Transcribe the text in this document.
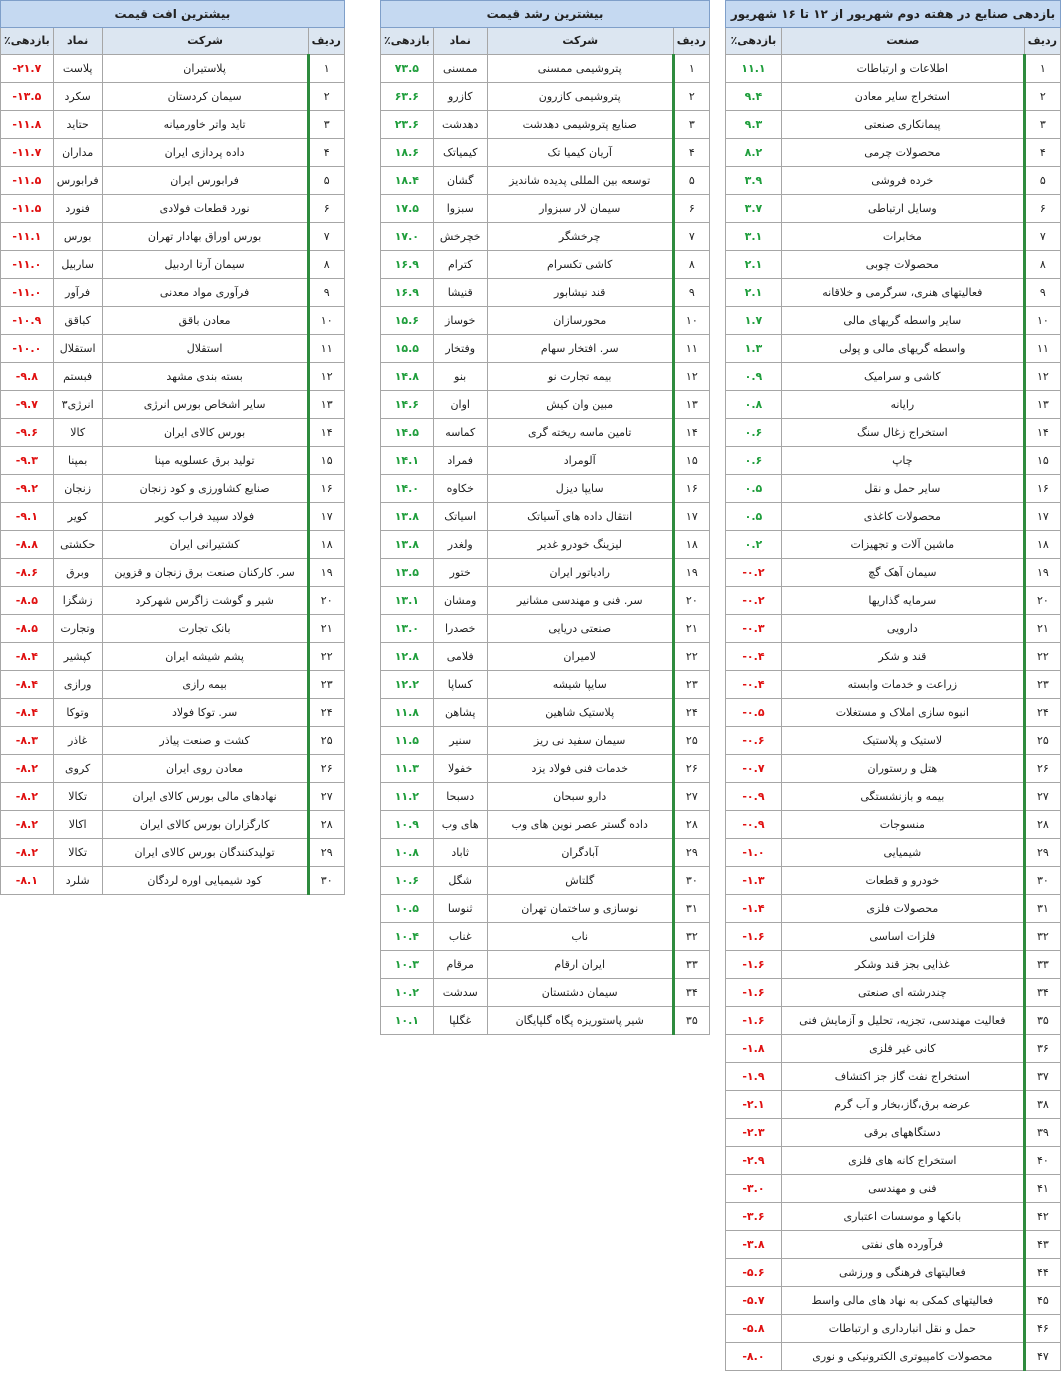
بازدهی صنایع در هفته دوم شهریور از ۱۲ تا ۱۶ شهریور		
ردیف	صنعت	بازدهی٪
۱	اطلاعات و ارتباطات	۱۱.۱
۲	استخراج سایر معادن	۹.۴
۳	پیمانکاری صنعتی	۹.۳
۴	محصولات چرمی	۸.۲
۵	خرده فروشی	۳.۹
۶	وسایل ارتباطی	۳.۷
۷	مخابرات	۳.۱
۸	محصولات چوبی	۲.۱
۹	فعالیتهای هنری، سرگرمی و خلاقانه	۲.۱
۱۰	سایر واسطه گریهای مالی	۱.۷
۱۱	واسطه گریهای مالی و پولی	۱.۳
۱۲	کاشی و سرامیک	۰.۹
۱۳	رایانه	۰.۸
۱۴	استخراج زغال سنگ	۰.۶
۱۵	چاپ	۰.۶
۱۶	سایر حمل و نقل	۰.۵
۱۷	محصولات کاغذی	۰.۵
۱۸	ماشین آلات و تجهیزات	۰.۲
۱۹	سیمان آهک گچ	-۰.۲
۲۰	سرمایه گذاریها	-۰.۲
۲۱	دارویی	-۰.۳
۲۲	قند و شکر	-۰.۴
۲۳	زراعت و خدمات وابسته	-۰.۴
۲۴	انبوه سازی املاک و مستغلات	-۰.۵
۲۵	لاستیک و پلاستیک	-۰.۶
۲۶	هتل و رستوران	-۰.۷
۲۷	بیمه و بازنشستگی	-۰.۹
۲۸	منسوجات	-۰.۹
۲۹	شیمیایی	-۱.۰
۳۰	خودرو و قطعات	-۱.۳
۳۱	محصولات فلزی	-۱.۴
۳۲	فلزات اساسی	-۱.۶
۳۳	غذایی بجز قند وشکر	-۱.۶
۳۴	چندرشته ای صنعتی	-۱.۶
۳۵	فعالیت مهندسی، تجزیه، تحلیل و آزمایش فنی	-۱.۶
۳۶	کانی غیر فلزی	-۱.۸
۳۷	استخراج نفت گاز جز اکتشاف	-۱.۹
۳۸	عرضه برق،گاز،بخار و آب گرم	-۲.۱
۳۹	دستگاههای برقی	-۲.۳
۴۰	استخراج کانه های فلزی	-۲.۹
۴۱	فنی و مهندسی	-۳.۰
۴۲	بانکها و موسسات اعتباری	-۳.۶
۴۳	فرآورده های نفتی	-۳.۸
۴۴	فعالیتهای فرهنگی و ورزشی	-۵.۶
۴۵	فعالیتهای کمکی به نهاد های مالی واسط	-۵.۷
۴۶	حمل و نقل انبارداری و ارتباطات	-۵.۸
۴۷	محصولات کامپیوتری الکترونیکی و نوری	-۸.۰
بیشترین رشد قیمت			
ردیف	شرکت	نماد	بازدهی٪
۱	پتروشیمی ممسنی	ممسنی	۷۳.۵
۲	پتروشیمی کازرون	کازرو	۶۳.۶
۳	صنایع پتروشیمی دهدشت	دهدشت	۲۳.۶
۴	آریان کیمیا تک	کیمیاتک	۱۸.۶
۵	توسعه بین المللی پدیده شاندیز	گشان	۱۸.۴
۶	سیمان لار سبزوار	سبزوا	۱۷.۵
۷	چرخشگر	خچرخش	۱۷.۰
۸	کاشی تکسرام	کترام	۱۶.۹
۹	قند نیشابور	قنیشا	۱۶.۹
۱۰	محورسازان	خوساز	۱۵.۶
۱۱	سر. افتخار سهام	وفتخار	۱۵.۵
۱۲	بیمه تجارت نو	بنو	۱۴.۸
۱۳	مبین وان کیش	اوان	۱۴.۶
۱۴	تامین ماسه ریخته گری	کماسه	۱۴.۵
۱۵	آلومراد	فمراد	۱۴.۱
۱۶	سایپا دیزل	خکاوه	۱۴.۰
۱۷	انتقال داده های آسیاتک	اسیاتک	۱۳.۸
۱۸	لیزینگ خودرو غدیر	ولغدر	۱۳.۸
۱۹	رادیاتور ایران	ختور	۱۳.۵
۲۰	سر. فنی و مهندسی مشانیر	ومشان	۱۳.۱
۲۱	صنعتی دریایی	خصدرا	۱۳.۰
۲۲	لامیران	فلامی	۱۲.۸
۲۳	سایپا شیشه	کساپا	۱۲.۲
۲۴	پلاستیک شاهین	پشاهن	۱۱.۸
۲۵	سیمان سفید نی ریز	سنیر	۱۱.۵
۲۶	خدمات فنی فولاد یزد	خفولا	۱۱.۳
۲۷	دارو سبحان	دسبحا	۱۱.۲
۲۸	داده گستر عصر نوین های وب	های وب	۱۰.۹
۲۹	آبادگران	ثاباد	۱۰.۸
۳۰	گلتاش	شگل	۱۰.۶
۳۱	نوسازی و ساختمان تهران	ثنوسا	۱۰.۵
۳۲	ناب	غناب	۱۰.۴
۳۳	ایران ارقام	مرقام	۱۰.۳
۳۴	سیمان دشتستان	سدشت	۱۰.۲
۳۵	شیر پاستوریزه پگاه گلپایگان	غگلپا	۱۰.۱
بیشترین افت قیمت			
ردیف	شرکت	نماد	بازدهی٪
۱	پلاستیران	پلاست	-۲۱.۷
۲	سیمان کردستان	سکرد	-۱۳.۵
۳	تاید واتر خاورمیانه	حتاید	-۱۱.۸
۴	داده پردازی ایران	مداران	-۱۱.۷
۵	فرابورس ایران	فرابورس	-۱۱.۵
۶	نورد قطعات فولادی	فنورد	-۱۱.۵
۷	بورس اوراق بهادار تهران	بورس	-۱۱.۱
۸	سیمان آرتا اردبیل	ساربیل	-۱۱.۰
۹	فرآوری مواد معدنی	فرآور	-۱۱.۰
۱۰	معادن باقق	کباقق	-۱۰.۹
۱۱	استقلال	استقلال	-۱۰.۰
۱۲	بسته بندی مشهد	فبستم	-۹.۸
۱۳	سایر اشخاص بورس انرژی	انرژی۳	-۹.۷
۱۴	بورس کالای ایران	کالا	-۹.۶
۱۵	تولید برق عسلویه مپنا	بمپنا	-۹.۳
۱۶	صنایع کشاورزی و کود زنجان	زنجان	-۹.۲
۱۷	فولاد سپید فراب کویر	کویر	-۹.۱
۱۸	کشتیرانی ایران	حکشتی	-۸.۸
۱۹	سر. کارکنان صنعت برق زنجان و قزوین	وبرق	-۸.۶
۲۰	شیر و گوشت زاگرس شهرکرد	زشگزا	-۸.۵
۲۱	بانک تجارت	وتجارت	-۸.۵
۲۲	پشم شیشه ایران	کپشیر	-۸.۴
۲۳	بیمه رازی	ورازی	-۸.۴
۲۴	سر. توکا فولاد	وتوکا	-۸.۴
۲۵	کشت و صنعت پیاذر	غاذر	-۸.۳
۲۶	معادن روی ایران	کروی	-۸.۲
۲۷	نهادهای مالی بورس کالای ایران	تکالا	-۸.۲
۲۸	کارگزاران بورس کالای ایران	اکالا	-۸.۲
۲۹	تولیدکنندگان بورس کالای ایران	تکالا	-۸.۲
۳۰	کود شیمیایی اوره لردگان	شلرد	-۸.۱
